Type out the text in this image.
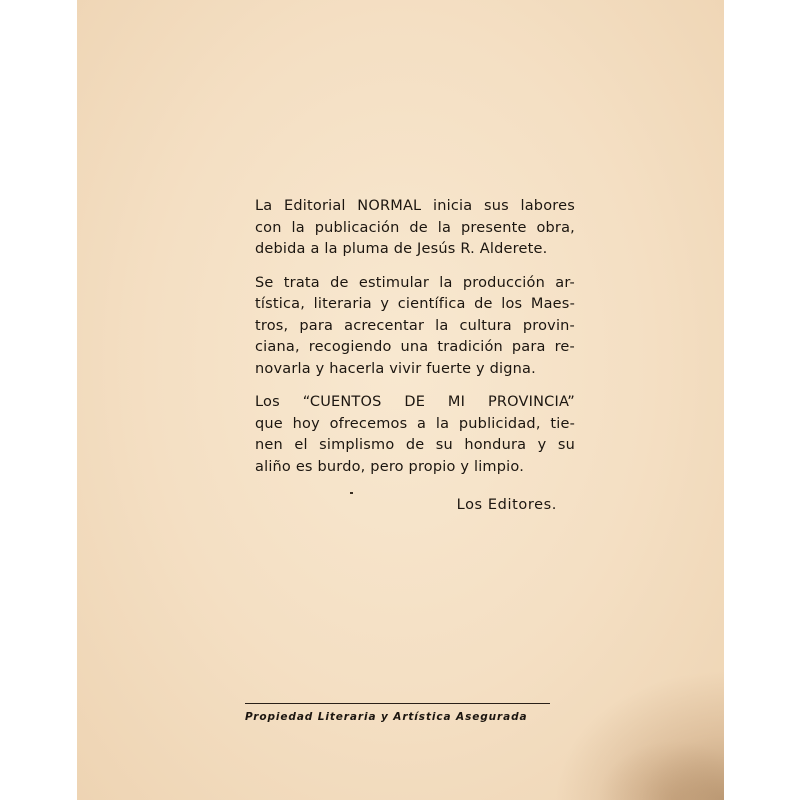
La Editorial NORMAL inicia sus labores
con la publicación de la presente obra,
debida a la pluma de Jesús R. Alderete.
Se trata de estimular la producción ar-
tística, literaria y científica de los Maes-
tros, para acrecentar la cultura provin-
ciana, recogiendo una tradición para re-
novarla y hacerla vivir fuerte y digna.
Los “CUENTOS DE MI PROVINCIA”
que hoy ofrecemos a la publicidad, tie-
nen el simplismo de su hondura y su
aliño es burdo, pero propio y limpio.
Los Editores.
Propiedad Literaria y Artística Asegurada
